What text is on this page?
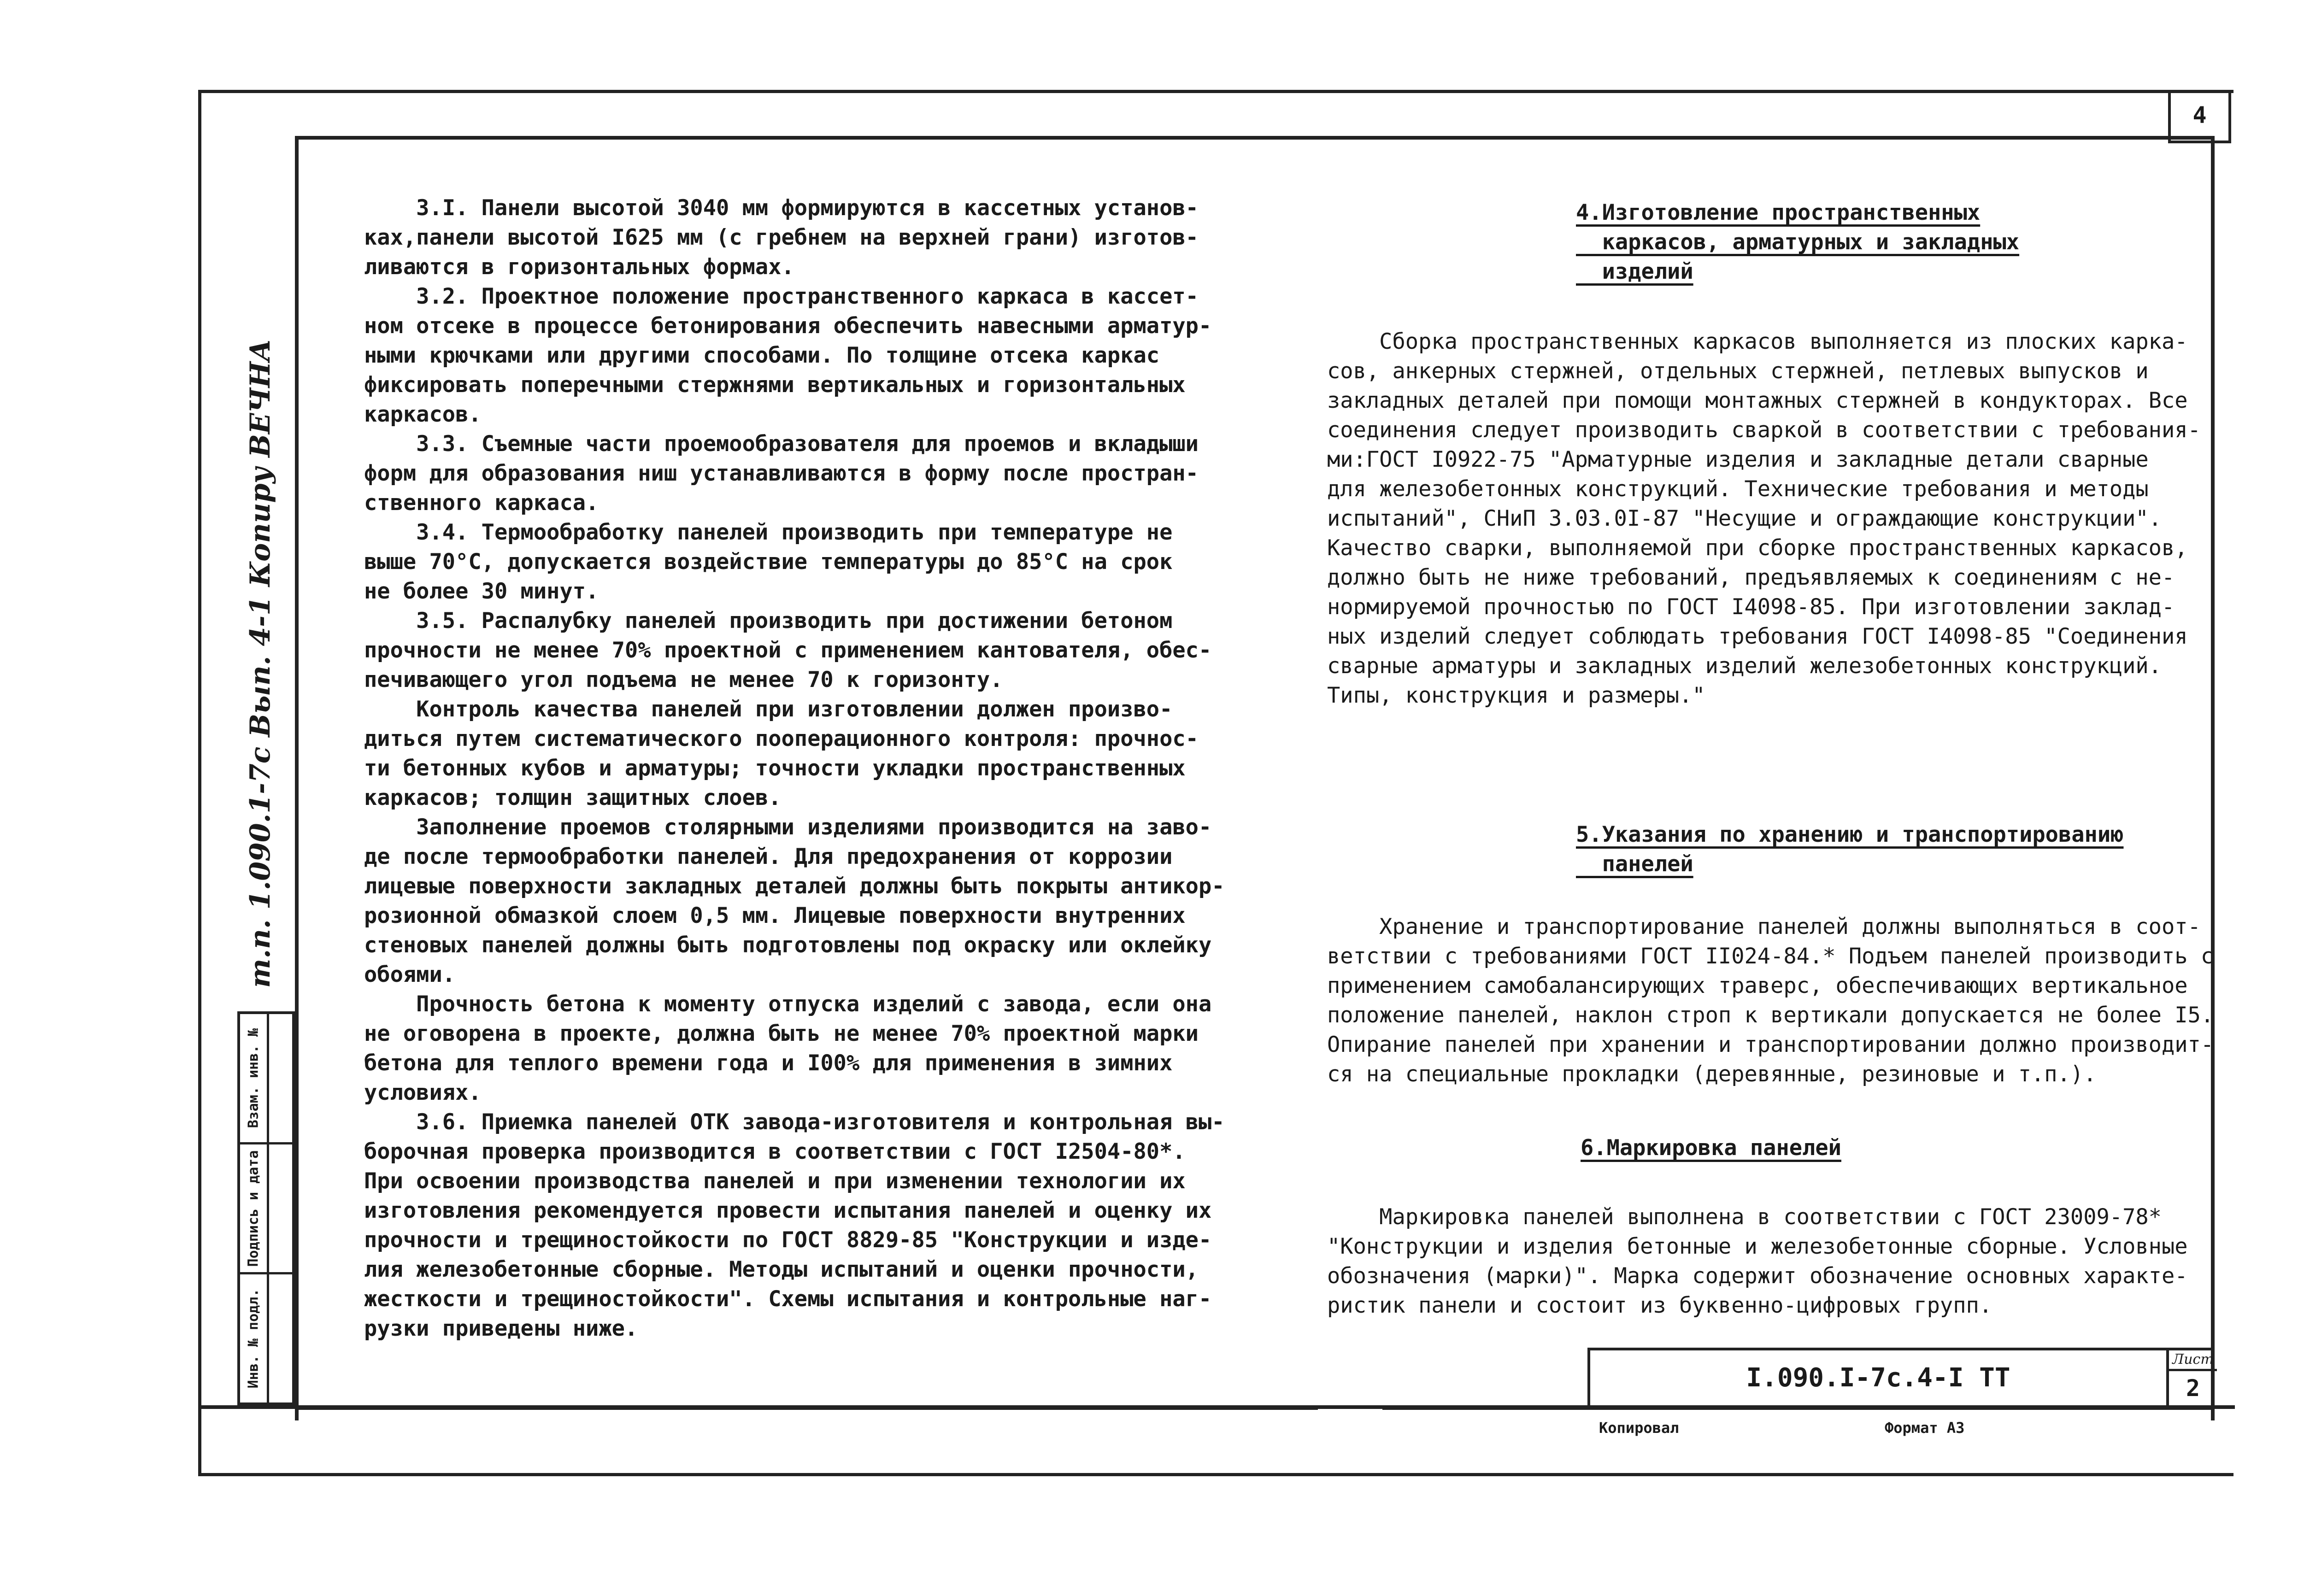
4
т.п. 1.090.1-7с Вып. 4-1 Копиру ВЕЧНА
Взам. инв. №
Подпись и дата
Инв. № подл.

3.I. Панели высотой 3040 мм формируются в кассетных установ-

ках,панели высотой I625 мм (с гребнем на верхней грани) изготов-

ливаются в горизонтальных формах.

3.2. Проектное положение пространственного каркаса в кассет-

ном отсеке в процессе бетонирования обеспечить навесными арматур-

ными крючками или другими способами. По толщине отсека каркас

фиксировать поперечными стержнями вертикальных и горизонтальных

каркасов.

3.3. Съемные части проемообразователя для проемов и вкладыши

форм для образования ниш устанавливаются в форму после простран-

ственного каркаса.

3.4. Термообработку панелей производить при температуре не

выше 70°С, допускается воздействие температуры до 85°С на срок

не более 30 минут.

3.5. Распалубку панелей производить при достижении бетоном

прочности не менее 70% проектной с применением кантователя, обес-

печивающего угол подъема не менее 70 к горизонту.

Контроль качества панелей при изготовлении должен произво-

диться путем систематического пооперационного контроля: прочнос-

ти бетонных кубов и арматуры; точности укладки пространственных

каркасов; толщин защитных слоев.

Заполнение проемов столярными изделиями производится на заво-

де после термообработки панелей. Для предохранения от коррозии

лицевые поверхности закладных деталей должны быть покрыты антикор-

розионной обмазкой слоем 0,5 мм. Лицевые поверхности внутренних

стеновых панелей должны быть подготовлены под окраску или оклейку

обоями.

Прочность бетона к моменту отпуска изделий с завода, если она

не оговорена в проекте, должна быть не менее 70% проектной марки

бетона для теплого времени года и I00% для применения в зимних

условиях.

3.6. Приемка панелей ОТК завода-изготовителя и контрольная вы-

борочная проверка производится в соответствии с ГОСТ I2504-80*.

При освоении производства панелей и при изменении технологии их

изготовления рекомендуется провести испытания панелей и оценку их

прочности и трещиностойкости по ГОСТ 8829-85 "Конструкции и изде-

лия железобетонные сборные. Методы испытаний и оценки прочности,

жесткости и трещиностойкости". Схемы испытания и контрольные наг-

рузки приведены ниже.

4.Изготовление пространственных

каркасов, арматурных и закладных

изделий

Сборка пространственных каркасов выполняется из плоских карка-

сов, анкерных стержней, отдельных стержней, петлевых выпусков и

закладных деталей при помощи монтажных стержней в кондукторах. Все

соединения следует производить сваркой в соответствии с требования-

ми:ГОСТ I0922-75 "Арматурные изделия и закладные детали сварные

для железобетонных конструкций. Технические требования и методы

испытаний", СНиП 3.03.0I-87 "Несущие и ограждающие конструкции".

Качество сварки, выполняемой при сборке пространственных каркасов,

должно быть не ниже требований, предъявляемых к соединениям с не-

нормируемой прочностью по ГОСТ I4098-85. При изготовлении заклад-

ных изделий следует соблюдать требования ГОСТ I4098-85 "Соединения

сварные арматуры и закладных изделий железобетонных конструкций.

Типы, конструкция и размеры."

5.Указания по хранению и транспортированию

панелей

Хранение и транспортирование панелей должны выполняться в соот-

ветствии с требованиями ГОСТ II024-84.* Подъем панелей производить с

применением самобалансирующих траверс, обеспечивающих вертикальное

положение панелей, наклон строп к вертикали допускается не более I5.

Опирание панелей при хранении и транспортировании должно производит-

ся на специальные прокладки (деревянные, резиновые и т.п.).

6.Маркировка панелей

Маркировка панелей выполнена в соответствии с ГОСТ 23009-78*

"Конструкции и изделия бетонные и железобетонные сборные. Условные

обозначения (марки)". Марка содержит обозначение основных характе-

ристик панели и состоит из буквенно-цифровых групп.

I.090.I-7с.4-I ТТ
Лист
2
Копировал	Формат А3
